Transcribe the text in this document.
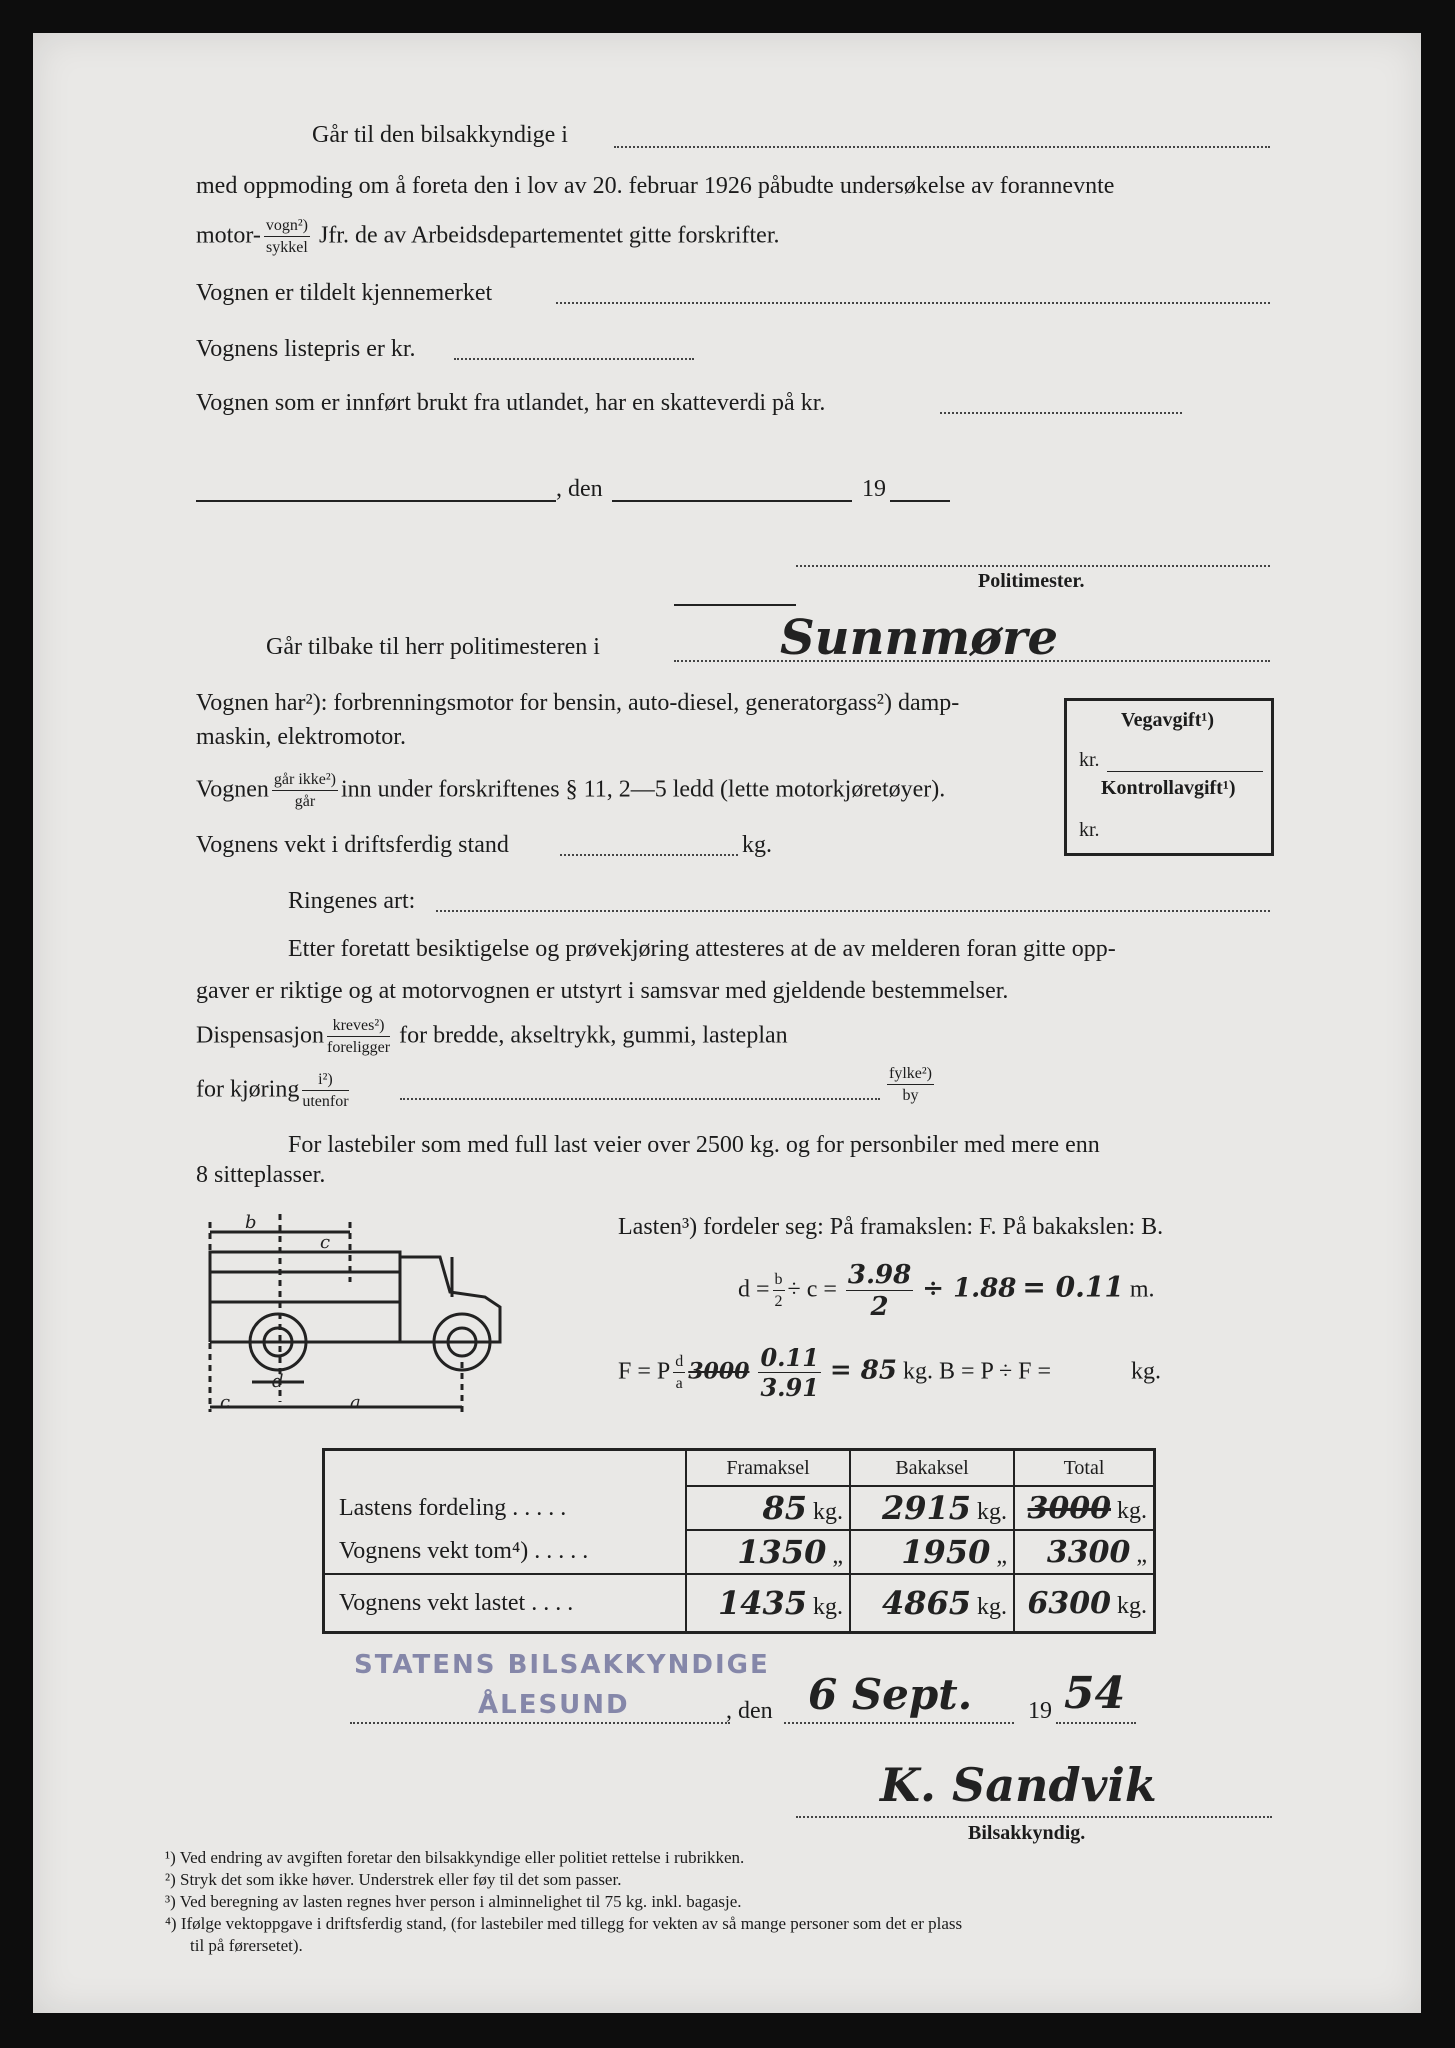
Går til den bilsakkyndige i
med oppmoding om å foreta den i lov av 20. februar 1926 påbudte undersøkelse av forannevnte
motor- $\frac{\text{vogn²)}}{\text{sykkel}}$ Jfr. de av Arbeidsdepartementet gitte forskrifter.
Vognen er tildelt kjennemerket
Vognens listepris er kr.
Vognen som er innført brukt fra utlandet, har en skatteverdi på kr.
, den	19
Politimester.
Går tilbake til herr politimesteren i	Sunnmøre
Vognen har²): forbrenningsmotor for bensin, auto-diesel, generatorgass²) damp-
maskin, elektromotor.
Vognen $\frac{\text{går ikke²)}}{\text{går}}$ inn under forskriftenes § 11, 2—5 ledd (lette motorkjøretøyer).
Vognens vekt i driftsferdig stand	kg.
Ringenes art:
Etter foretatt besiktigelse og prøvekjøring attesteres at de av melderen foran gitte opp-
gaver er riktige og at motorvognen er utstyrt i samsvar med gjeldende bestemmelser.
Dispensasjon $\frac{\text{kreves²)}}{\text{foreligger}}$ for bredde, akseltrykk, gummi, lasteplan
for kjøring $\frac{\text{i²)}}{\text{utenfor}}$	$\frac{\text{fylke²)}}{by}$
For lastebiler som med full last veier over 2500 kg. og for personbiler med mere enn
8 sitteplasser.
Vegavgift¹)
kr.
Kontrollavgift¹)
kr.
b
c
d
c	a
Lasten³) fordeler seg: På framakslen: F. På bakakslen: B.
$d = \frac{b}{2} \div c = \frac{3.98}{2} \div 1.88 = 0.11$ m.
F = P $\frac{d}{a} 3000 \frac{0.11}{3.91} = 85$ kg. B = P ÷ F =	kg.
	Framaksel	Bakaksel	Total
Lastens fordeling . . . . .	85 kg.	2915 kg.	3000 kg.
Vognens vekt tom⁴) . . . . .	1350 „	1950 „	3300 „
Vognens vekt lastet . . . .	1435 kg.	4865 kg.	6300 kg.
STATENS BILSAKKYNDIGE
ÅLESUND	, den 6 Sept. 19 54
K. Sandvik
Bilsakkyndig.
¹) Ved endring av avgiften foretar den bilsakkyndige eller politiet rettelse i rubrikken.
²) Stryk det som ikke høver. Understrek eller føy til det som passer.
³) Ved beregning av lasten regnes hver person i alminnelighet til 75 kg. inkl. bagasje.
⁴) Ifølge vektoppgave i driftsferdig stand, (for lastebiler med tillegg for vekten av så mange personer som det er plass
til på førersetet).
